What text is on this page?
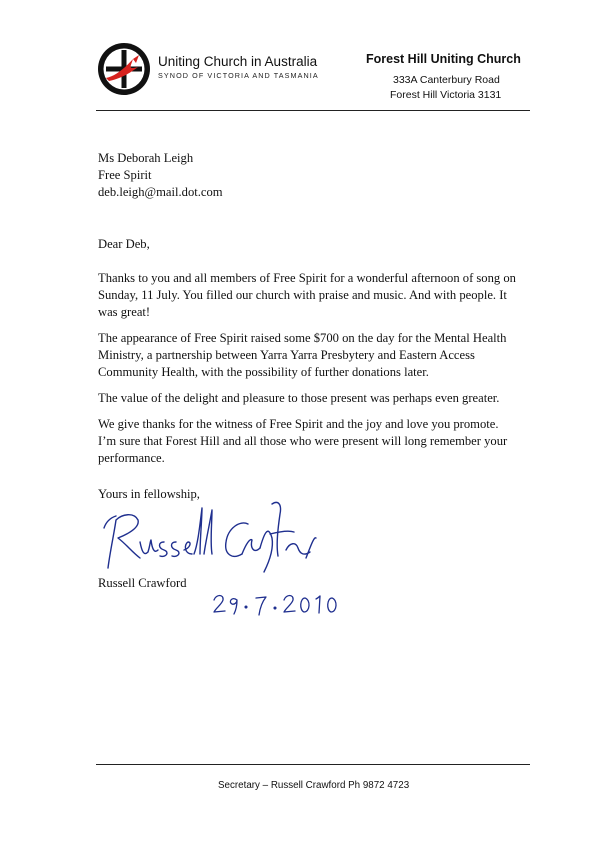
Uniting Church in Australia
SYNOD OF VICTORIA AND TASMANIA
Forest Hill Uniting Church
333A Canterbury Road
Forest Hill Victoria 3131
Ms Deborah Leigh
Free Spirit
deb.leigh@mail.dot.com
Dear Deb,
Thanks to you and all members of Free Spirit for a wonderful afternoon of song on
Sunday, 11 July. You filled our church with praise and music. And with people. It
was great!
The appearance of Free Spirit raised some $700 on the day for the Mental Health
Ministry, a partnership between Yarra Yarra Presbytery and Eastern Access
Community Health, with the possibility of further donations later.
The value of the delight and pleasure to those present was perhaps even greater.
We give thanks for the witness of Free Spirit and the joy and love you promote.
I’m sure that Forest Hill and all those who were present will long remember your
performance.
Yours in fellowship,
Russell Crawford
Secretary – Russell Crawford Ph 9872 4723
